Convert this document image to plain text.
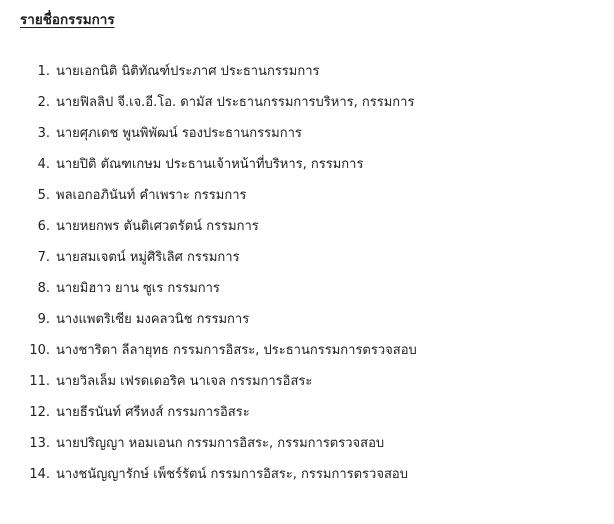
รายชื่อกรรมการ
1. นายเอกนิติ นิติทัณฑ์ประภาศ ประธานกรรมการ
2. นายฟิลลิป จี.เจ.อี.โอ. ดามัส ประธานกรรมการบริหาร, กรรมการ
3. นายศุภเดช พูนพิพัฒน์ รองประธานกรรมการ
4. นายปิติ ตัณฑเกษม ประธานเจ้าหน้าที่บริหาร, กรรมการ
5. พลเอกอภินันท์ คำเพราะ กรรมการ
6. นายหยกพร ตันติเศวตรัตน์ กรรมการ
7. นายสมเจตน์ หมู่ศิริเลิศ กรรมการ
8. นายมิฮาว ยาน ซูเร กรรมการ
9. นางแพตริเซีย มงคลวนิช กรรมการ
10. นางชาริตา ลีลายุทธ กรรมการอิสระ, ประธานกรรมการตรวจสอบ
11. นายวิลเล็ม เฟรดเดอริค นาเจล กรรมการอิสระ
12. นายธีรนันท์ ศรีหงส์ กรรมการอิสระ
13. นายปริญญา หอมเอนก กรรมการอิสระ, กรรมการตรวจสอบ
14. นางชนัญญารักษ์ เพ็ชร์รัตน์ กรรมการอิสระ, กรรมการตรวจสอบ
